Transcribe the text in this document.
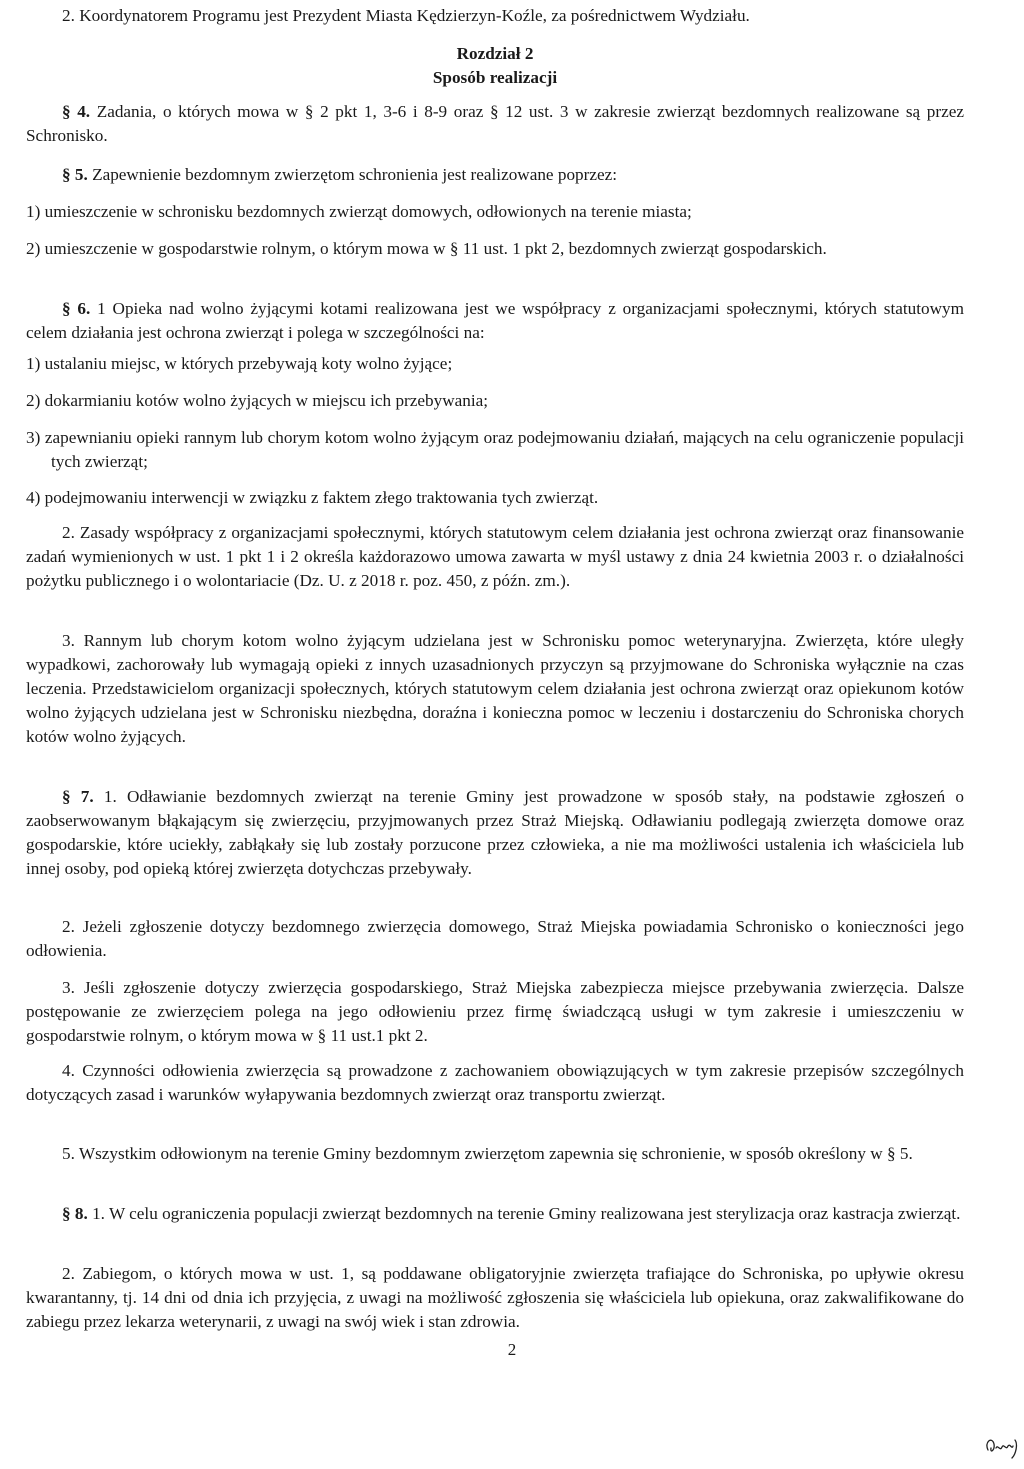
2. Koordynatorem Programu jest Prezydent Miasta Kędzierzyn-Koźle, za pośrednictwem Wydziału.

Rozdział 2

Sposób realizacji

§ 4. Zadania, o których mowa w § 2 pkt 1, 3-6 i 8-9 oraz § 12 ust. 3 w zakresie zwierząt bezdomnych realizowane są przez Schronisko.

§ 5. Zapewnienie bezdomnym zwierzętom schronienia jest realizowane poprzez:

1) umieszczenie w schronisku bezdomnych zwierząt domowych, odłowionych na terenie miasta;

2) umieszczenie w gospodarstwie rolnym, o którym mowa w § 11 ust. 1 pkt 2, bezdomnych zwierząt gospodarskich.

§ 6. 1 Opieka nad wolno żyjącymi kotami realizowana jest we współpracy z organizacjami społecznymi, których statutowym celem działania jest ochrona zwierząt i polega w szczególności na:

1) ustalaniu miejsc, w których przebywają koty wolno żyjące;

2) dokarmianiu kotów wolno żyjących w miejscu ich przebywania;

3) zapewnianiu opieki rannym lub chorym kotom wolno żyjącym oraz podejmowaniu działań, mających na celu ograniczenie populacji tych zwierząt;

4) podejmowaniu interwencji w związku z faktem złego traktowania tych zwierząt.

2. Zasady współpracy z organizacjami społecznymi, których statutowym celem działania jest ochrona zwierząt oraz finansowanie zadań wymienionych w ust. 1 pkt 1 i 2 określa każdorazowo umowa zawarta w myśl ustawy z dnia 24 kwietnia 2003 r. o działalności pożytku publicznego i o wolontariacie (Dz. U. z 2018 r. poz. 450, z późn. zm.).

3. Rannym lub chorym kotom wolno żyjącym udzielana jest w Schronisku pomoc weterynaryjna. Zwierzęta, które uległy wypadkowi, zachorowały lub wymagają opieki z innych uzasadnionych przyczyn są przyjmowane do Schroniska wyłącznie na czas leczenia. Przedstawicielom organizacji społecznych, których statutowym celem działania jest ochrona zwierząt oraz opiekunom kotów wolno żyjących udzielana jest w Schronisku niezbędna, doraźna i konieczna pomoc w leczeniu i dostarczeniu do Schroniska chorych kotów wolno żyjących.

§ 7. 1. Odławianie bezdomnych zwierząt na terenie Gminy jest prowadzone w sposób stały, na podstawie zgłoszeń o zaobserwowanym błąkającym się zwierzęciu, przyjmowanych przez Straż Miejską. Odławianiu podlegają zwierzęta domowe oraz gospodarskie, które uciekły, zabłąkały się lub zostały porzucone przez człowieka, a nie ma możliwości ustalenia ich właściciela lub innej osoby, pod opieką której zwierzęta dotychczas przebywały.

2. Jeżeli zgłoszenie dotyczy bezdomnego zwierzęcia domowego, Straż Miejska powiadamia Schronisko o konieczności jego odłowienia.

3. Jeśli zgłoszenie dotyczy zwierzęcia gospodarskiego, Straż Miejska zabezpiecza miejsce przebywania zwierzęcia. Dalsze postępowanie ze zwierzęciem polega na jego odłowieniu przez firmę świadczącą usługi w tym zakresie i umieszczeniu w gospodarstwie rolnym, o którym mowa w § 11 ust.1 pkt 2.

4. Czynności odłowienia zwierzęcia są prowadzone z zachowaniem obowiązujących w tym zakresie przepisów szczególnych dotyczących zasad i warunków wyłapywania bezdomnych zwierząt oraz transportu zwierząt.

5. Wszystkim odłowionym na terenie Gminy bezdomnym zwierzętom zapewnia się schronienie, w sposób określony w § 5.

§ 8. 1. W celu ograniczenia populacji zwierząt bezdomnych na terenie Gminy realizowana jest sterylizacja oraz kastracja zwierząt.

2. Zabiegom, o których mowa w ust. 1, są poddawane obligatoryjnie zwierzęta trafiające do Schroniska, po upływie okresu kwarantanny, tj. 14 dni od dnia ich przyjęcia, z uwagi na możliwość zgłoszenia się właściciela lub opiekuna, oraz zakwalifikowane do zabiegu przez lekarza weterynarii, z uwagi na swój wiek i stan zdrowia.

2
